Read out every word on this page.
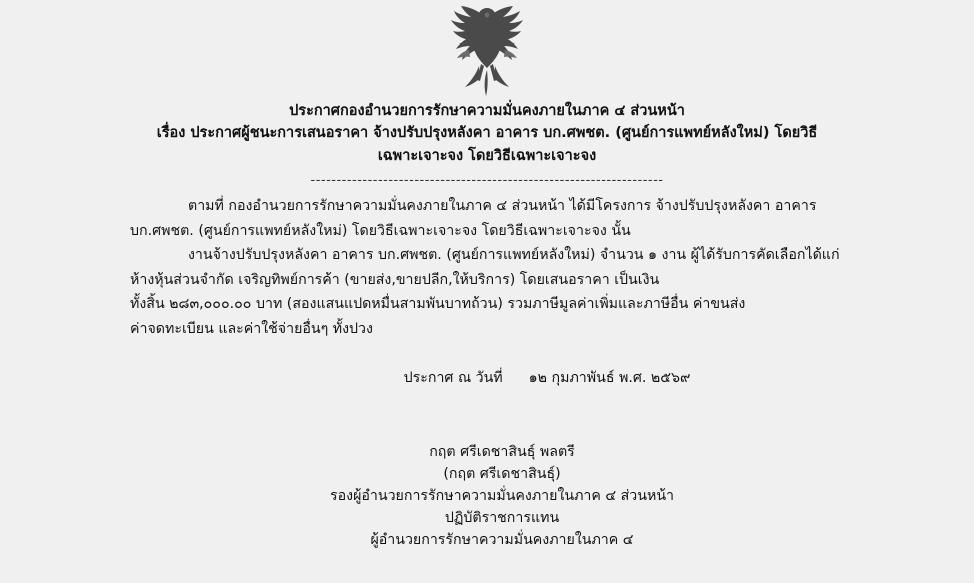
ประกาศกองอำนวยการรักษาความมั่นคงภายในภาค ๔ ส่วนหน้า
เรื่อง ประกาศผู้ชนะการเสนอราคา จ้างปรับปรุงหลังคา อาคาร บก.ศพชต. (ศูนย์การแพทย์หลังใหม่) โดยวิธี
เฉพาะเจาะจง โดยวิธีเฉพาะเจาะจง
--------------------------------------------------------------------

ตามที่ กองอำนวยการรักษาความมั่นคงภายในภาค ๔ ส่วนหน้า ได้มีโครงการ จ้างปรับปรุงหลังคา อาคาร บก.ศพชต. (ศูนย์การแพทย์หลังใหม่) โดยวิธีเฉพาะเจาะจง โดยวิธีเฉพาะเจาะจง นั้น

งานจ้างปรับปรุงหลังคา อาคาร บก.ศพชต. (ศูนย์การแพทย์หลังใหม่) จำนวน ๑ งาน ผู้ได้รับการคัดเลือกได้แก่ ห้างหุ้นส่วนจำกัด เจริญทิพย์การค้า (ขายส่ง,ขายปลีก,ให้บริการ) โดยเสนอราคา เป็นเงิน

ทั้งสิ้น ๒๘๓,๐๐๐.๐๐ บาท (สองแสนแปดหมื่นสามพันบาทถ้วน) รวมภาษีมูลค่าเพิ่มและภาษีอื่น ค่าขนส่ง

ค่าจดทะเบียน และค่าใช้จ่ายอื่นๆ ทั้งปวง

ประกาศ ณ วันที่ ๑๒ กุมภาพันธ์ พ.ศ. ๒๕๖๙
กฤต ศรีเดชาสินธุ์ พลตรี
(กฤต ศรีเดชาสินธุ์)
รองผู้อำนวยการรักษาความมั่นคงภายในภาค ๔ ส่วนหน้า
ปฏิบัติราชการแทน
ผู้อำนวยการรักษาความมั่นคงภายในภาค ๔
